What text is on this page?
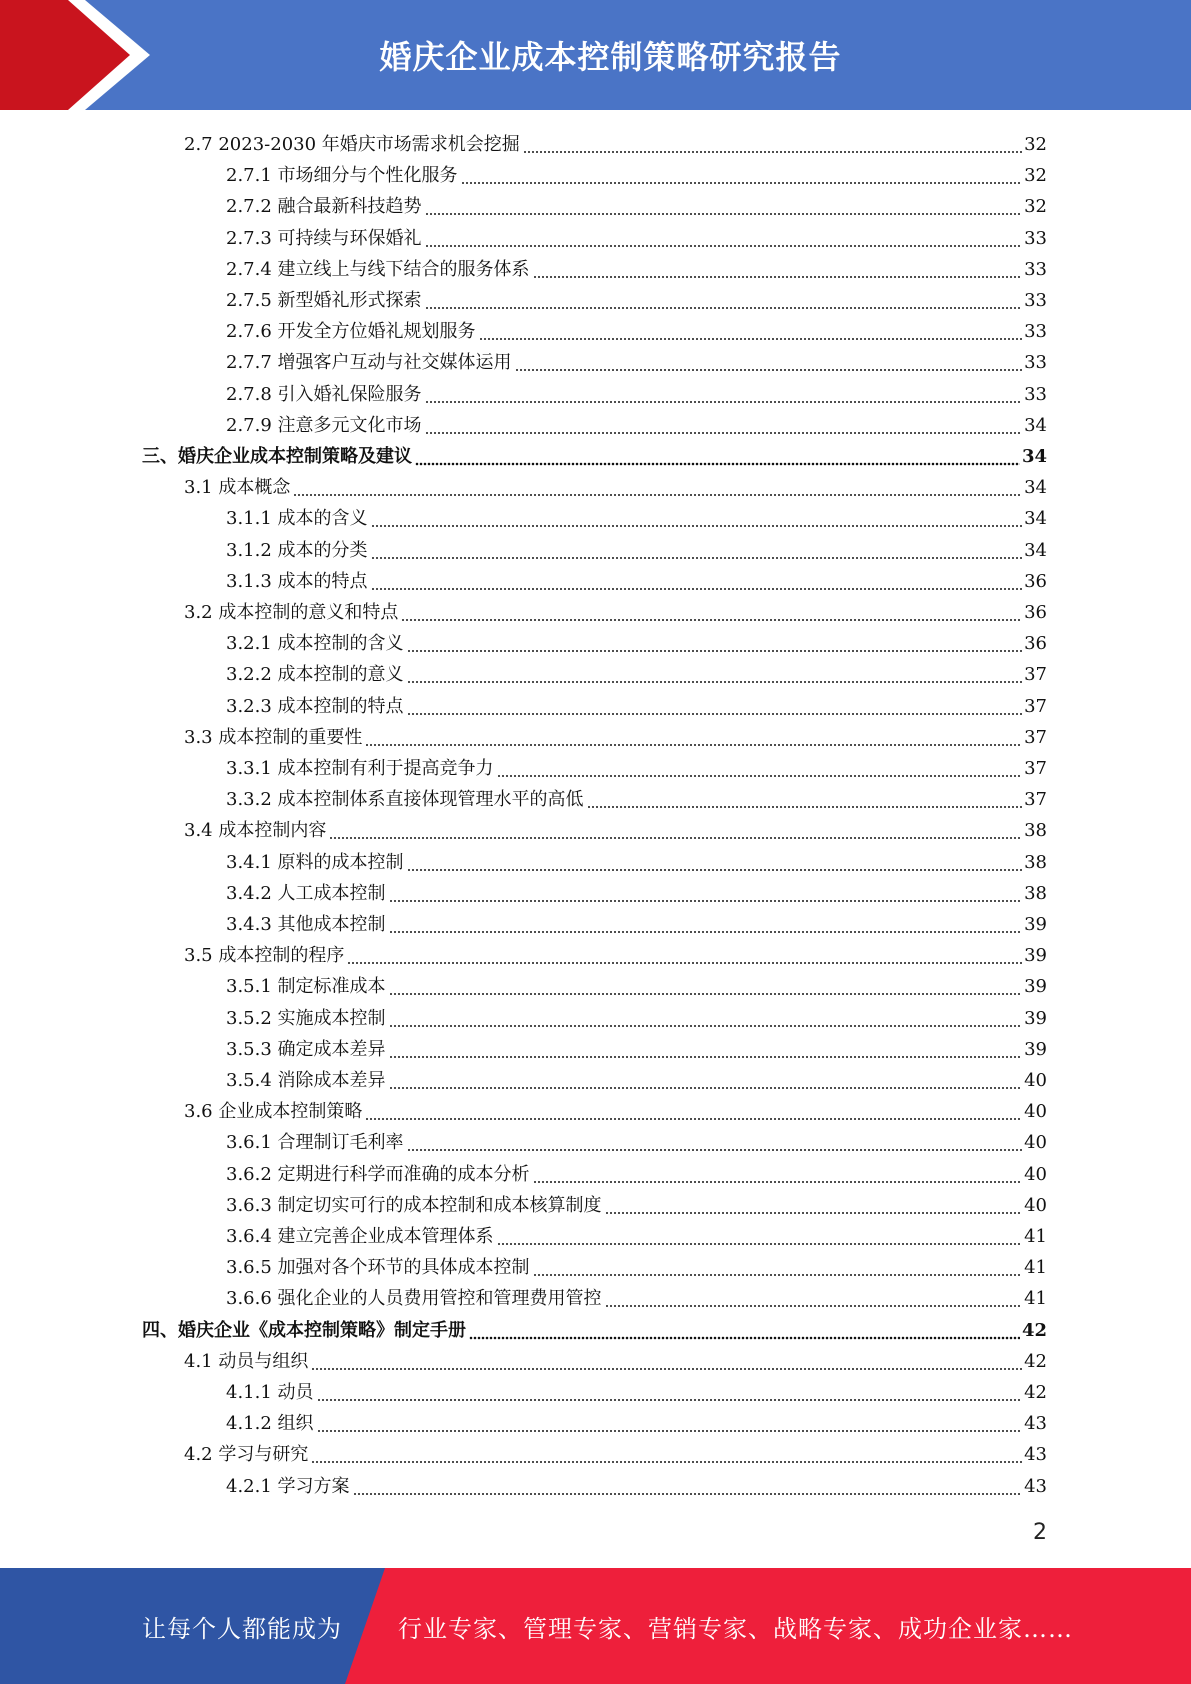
婚庆企业成本控制策略研究报告
2.7 2023-2030 年婚庆市场需求机会挖掘	32
2.7.1 市场细分与个性化服务	32
2.7.2 融合最新科技趋势	32
2.7.3 可持续与环保婚礼	33
2.7.4 建立线上与线下结合的服务体系	33
2.7.5 新型婚礼形式探索	33
2.7.6 开发全方位婚礼规划服务	33
2.7.7 增强客户互动与社交媒体运用	33
2.7.8 引入婚礼保险服务	33
2.7.9 注意多元文化市场	34
三、婚庆企业成本控制策略及建议	34
3.1 成本概念	34
3.1.1 成本的含义	34
3.1.2 成本的分类	34
3.1.3 成本的特点	36
3.2 成本控制的意义和特点	36
3.2.1 成本控制的含义	36
3.2.2 成本控制的意义	37
3.2.3 成本控制的特点	37
3.3 成本控制的重要性	37
3.3.1 成本控制有利于提高竞争力	37
3.3.2 成本控制体系直接体现管理水平的高低	37
3.4 成本控制内容	38
3.4.1 原料的成本控制	38
3.4.2 人工成本控制	38
3.4.3 其他成本控制	39
3.5 成本控制的程序	39
3.5.1 制定标准成本	39
3.5.2 实施成本控制	39
3.5.3 确定成本差异	39
3.5.4 消除成本差异	40
3.6 企业成本控制策略	40
3.6.1 合理制订毛利率	40
3.6.2 定期进行科学而准确的成本分析	40
3.6.3 制定切实可行的成本控制和成本核算制度	40
3.6.4 建立完善企业成本管理体系	41
3.6.5 加强对各个环节的具体成本控制	41
3.6.6 强化企业的人员费用管控和管理费用管控	41
四、婚庆企业《成本控制策略》制定手册	42
4.1 动员与组织	42
4.1.1 动员	42
4.1.2 组织	43
4.2 学习与研究	43
4.2.1 学习方案	43
2
让每个人都能成为 行业专家、管理专家、营销专家、战略专家、成功企业家……
